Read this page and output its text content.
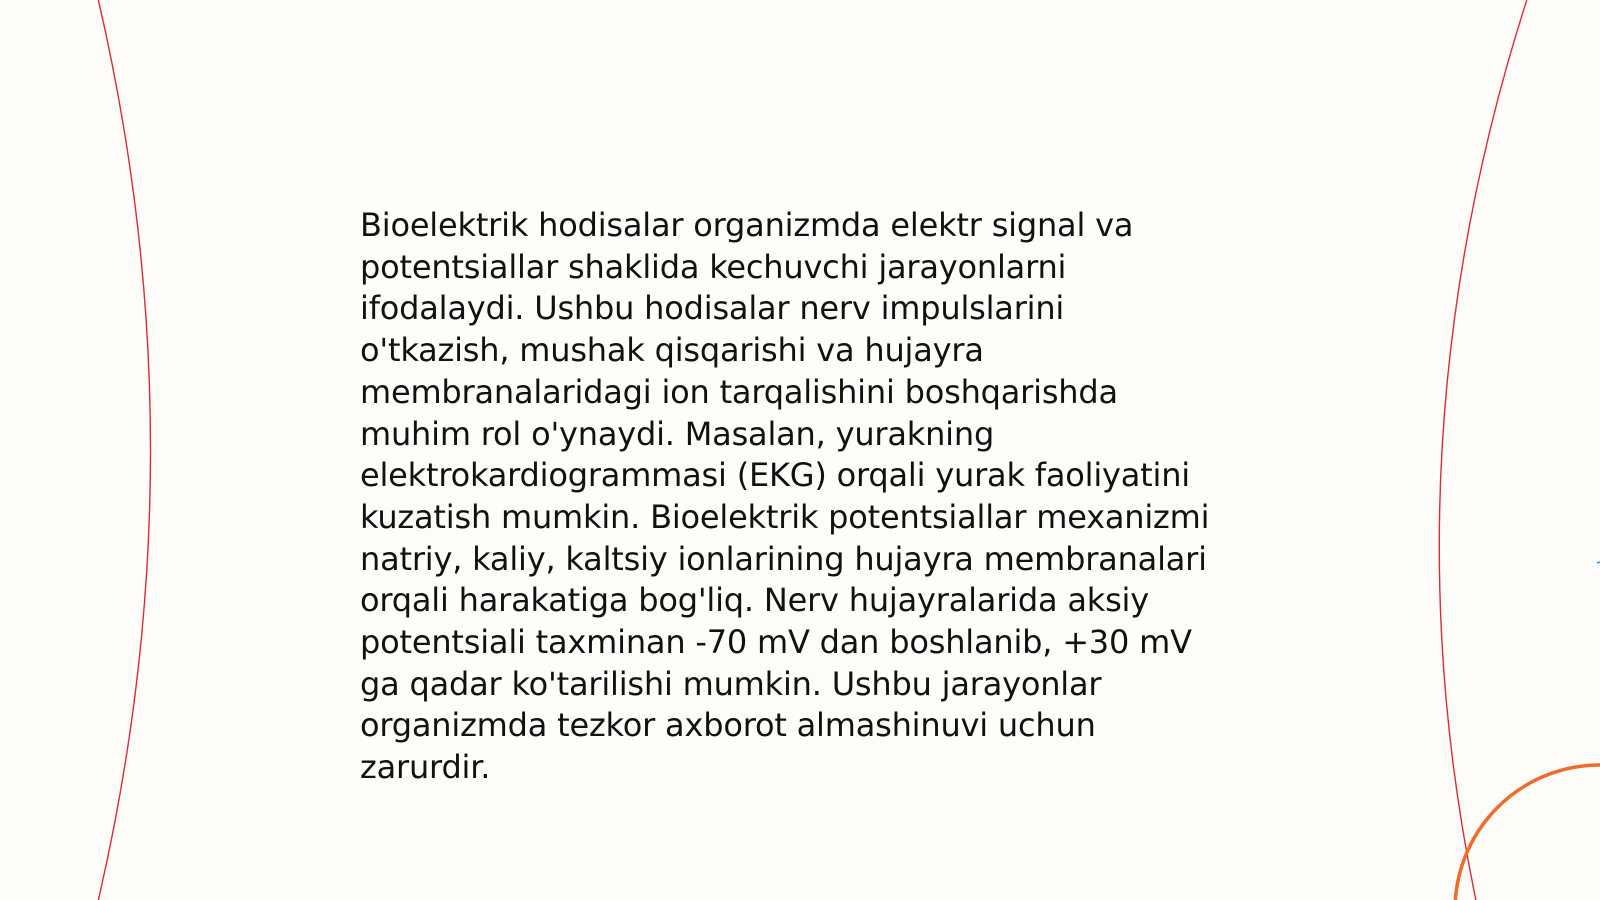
Bioelektrik hodisalar organizmda elektr signal va
potentsiallar shaklida kechuvchi jarayonlarni
ifodalaydi. Ushbu hodisalar nerv impulslarini
o'tkazish, mushak qisqarishi va hujayra
membranalaridagi ion tarqalishini boshqarishda
muhim rol o'ynaydi. Masalan, yurakning
elektrokardiogrammasi (EKG) orqali yurak faoliyatini
kuzatish mumkin. Bioelektrik potentsiallar mexanizmi
natriy, kaliy, kaltsiy ionlarining hujayra membranalari
orqali harakatiga bog'liq. Nerv hujayralarida aksiy
potentsiali taxminan -70 mV dan boshlanib, +30 mV
ga qadar ko'tarilishi mumkin. Ushbu jarayonlar
organizmda tezkor axborot almashinuvi uchun
zarurdir.
